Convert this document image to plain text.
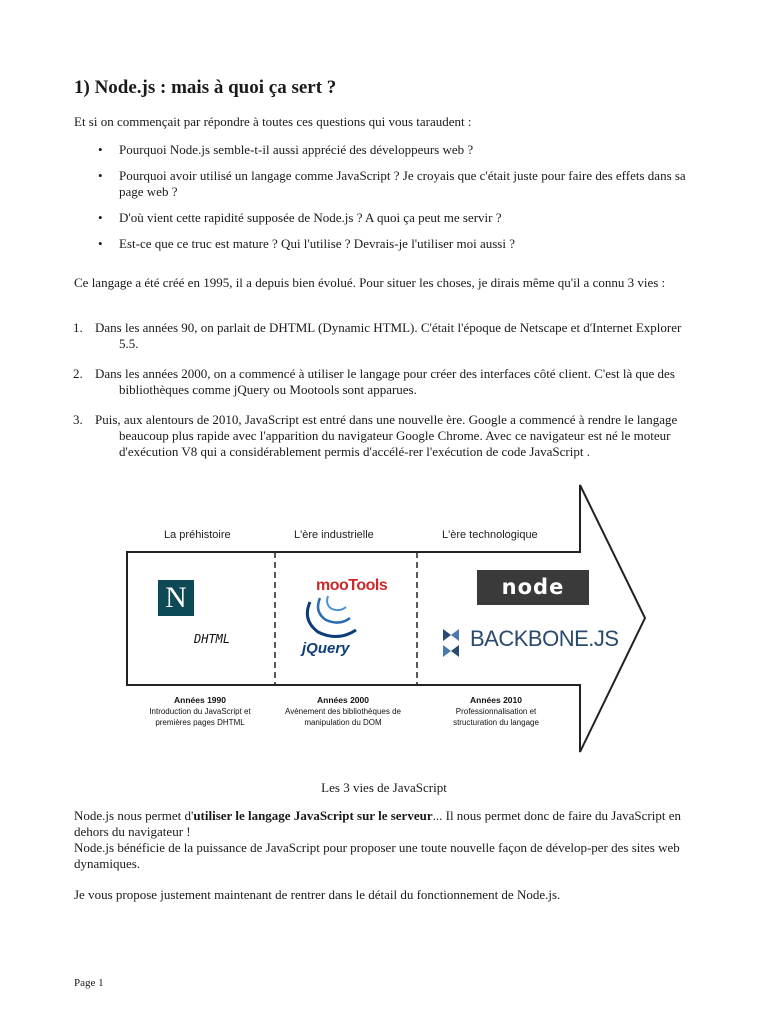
1) Node.js : mais à quoi ça sert ?

Et si on commençait par répondre à toutes ces questions qui vous taraudent :

• Pourquoi Node.js semble-t-il aussi apprécié des développeurs web ?
• Pourquoi avoir utilisé un langage comme JavaScript ? Je croyais que c'était juste pour faire des effets dans sa page web ?
• D'où vient cette rapidité supposée de Node.js ? A quoi ça peut me servir ?
• Est-ce que ce truc est mature ? Qui l'utilise ? Devrais-je l'utiliser moi aussi ?

Ce langage a été créé en 1995, il a depuis bien évolué. Pour situer les choses, je dirais même qu'il a connu 3 vies :

1. Dans les années 90, on parlait de DHTML (Dynamic HTML). C'était l'époque de Netscape et d'Internet Explorer 5.5.
2. Dans les années 2000, on a commencé à utiliser le langage pour créer des interfaces côté client. C'est là que des bibliothèques comme jQuery ou Mootools sont apparues.
3. Puis, aux alentours de 2010, JavaScript est entré dans une nouvelle ère. Google a commencé à rendre le langage beaucoup plus rapide avec l'apparition du navigateur Google Chrome. Avec ce navigateur est né le moteur d'exécution V8 qui a considérablement permis d'accélé-rer l'exécution de code JavaScript .
La préhistoire	L'ère industrielle	L'ère technologique
N
DHTML
mooTools
jQuery
node
BACKBONE.JS
Années 1990
Introduction du JavaScript et
premières pages DHTML
Années 2000
Avènement des bibliothèques de
manipulation du DOM
Années 2010
Professionnalisation et
structuration du langage

Les 3 vies de JavaScript

Node.js nous permet d'utiliser le langage JavaScript sur le serveur... Il nous permet donc de faire du JavaScript en dehors du navigateur !
Node.js bénéficie de la puissance de JavaScript pour proposer une toute nouvelle façon de dévelop-per des sites web dynamiques.

Je vous propose justement maintenant de rentrer dans le détail du fonctionnement de Node.js.

Page 1
